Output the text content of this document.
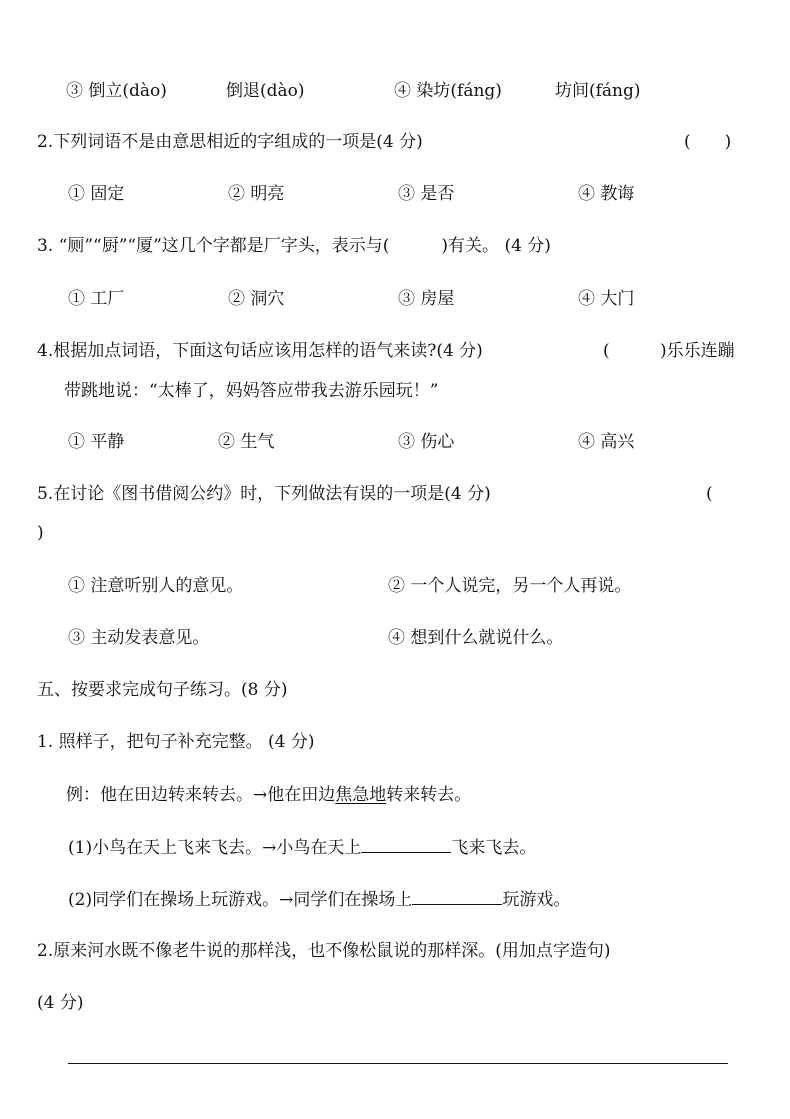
③ 倒立(dào)	倒退(dào)	④ 染坊(fáng)	坊间(fáng)
2.下列词语不是由意思相近的字组成的一项是(4 分)	(　　)
① 固定	② 明亮	③ 是否	④ 教诲
3. “厕”“厨”“厦”这几个字都是厂字头，表示与(	)有关。 (4 分)
① 工厂	② 洞穴	③ 房屋	④ 大门
4.根据加点词语，下面这句话应该用怎样的语气来读?(4 分)	(	)乐乐连蹦
带跳地说：“太棒了，妈妈答应带我去游乐园玩！”
① 平静	② 生气	③ 伤心	④ 高兴
5.在讨论《图书借阅公约》时，下列做法有误的一项是(4 分)	(
)
① 注意听别人的意见。	② 一个人说完，另一个人再说。
③ 主动发表意见。	④ 想到什么就说什么。
五、按要求完成句子练习。(8 分)
1. 照样子，把句子补充完整。 (4 分)
例：他在田边转来转去。→他在田边焦急地转来转去。
(1)小鸟在天上飞来飞去。→小鸟在天上	飞来飞去。
(2)同学们在操场上玩游戏。→同学们在操场上	玩游戏。
2.原来河水既不像老牛说的那样浅，也不像松鼠说的那样深。(用加点字造句)
(4 分)
